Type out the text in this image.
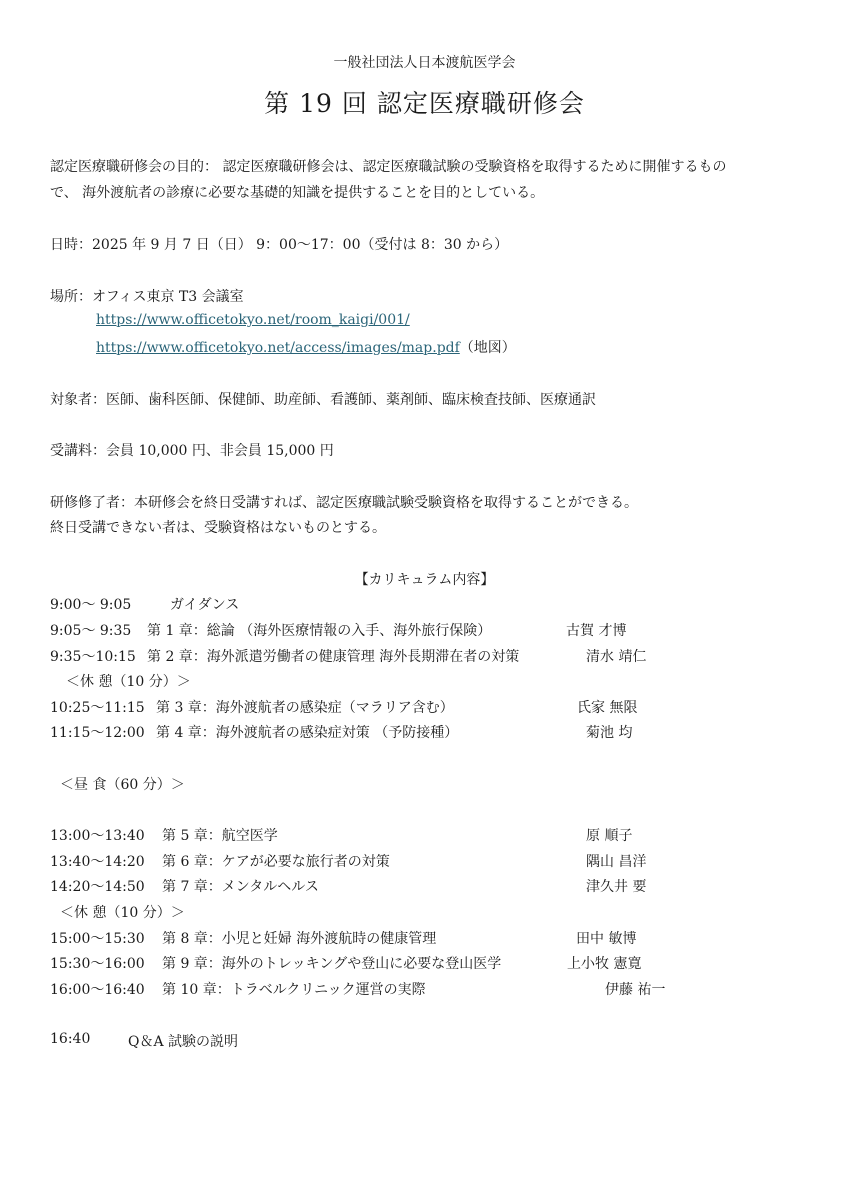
一般社団法人日本渡航医学会
第 19 回 認定医療職研修会
認定医療職研修会の目的： 認定医療職研修会は、認定医療職試験の受験資格を取得するために開催するもの
で、 海外渡航者の診療に必要な基礎的知識を提供することを目的としている。
日時：2025 年 9 月 7 日（日） 9：00〜17：00（受付は 8：30 から）
場所：オフィス東京 T3 会議室
https://www.officetokyo.net/room_kaigi/001/
https://www.officetokyo.net/access/images/map.pdf（地図）
対象者：医師、歯科医師、保健師、助産師、看護師、薬剤師、臨床検査技師、医療通訳
受講料：会員 10,000 円、非会員 15,000 円
研修修了者：本研修会を終日受講すれば、認定医療職試験受験資格を取得することができる。
終日受講できない者は、受験資格はないものとする。
【カリキュラム内容】
9:00〜 9:05	ガイダンス
9:05〜 9:35 第 1 章：総論 （海外医療情報の入手、海外旅行保険）	古賀 才博
9:35〜10:15 第 2 章：海外派遣労働者の健康管理 海外長期滞在者の対策	清水 靖仁
＜休 憩（10 分）＞
10:25〜11:15 第 3 章：海外渡航者の感染症（マラリア含む）	氏家 無限
11:15〜12:00 第 4 章：海外渡航者の感染症対策 （予防接種）	菊池 均
＜昼 食（60 分）＞
13:00〜13:40 第 5 章：航空医学	原 順子
13:40〜14:20 第 6 章：ケアが必要な旅行者の対策	隅山 昌洋
14:20〜14:50 第 7 章：メンタルヘルス	津久井 要
＜休 憩（10 分）＞
15:00〜15:30 第 8 章：小児と妊婦 海外渡航時の健康管理	田中 敏博
15:30〜16:00 第 9 章：海外のトレッキングや登山に必要な登山医学	上小牧 憲寛
16:00〜16:40 第 10 章：トラベルクリニック運営の実際	伊藤 祐一
16:40	Q＆A 試験の説明
